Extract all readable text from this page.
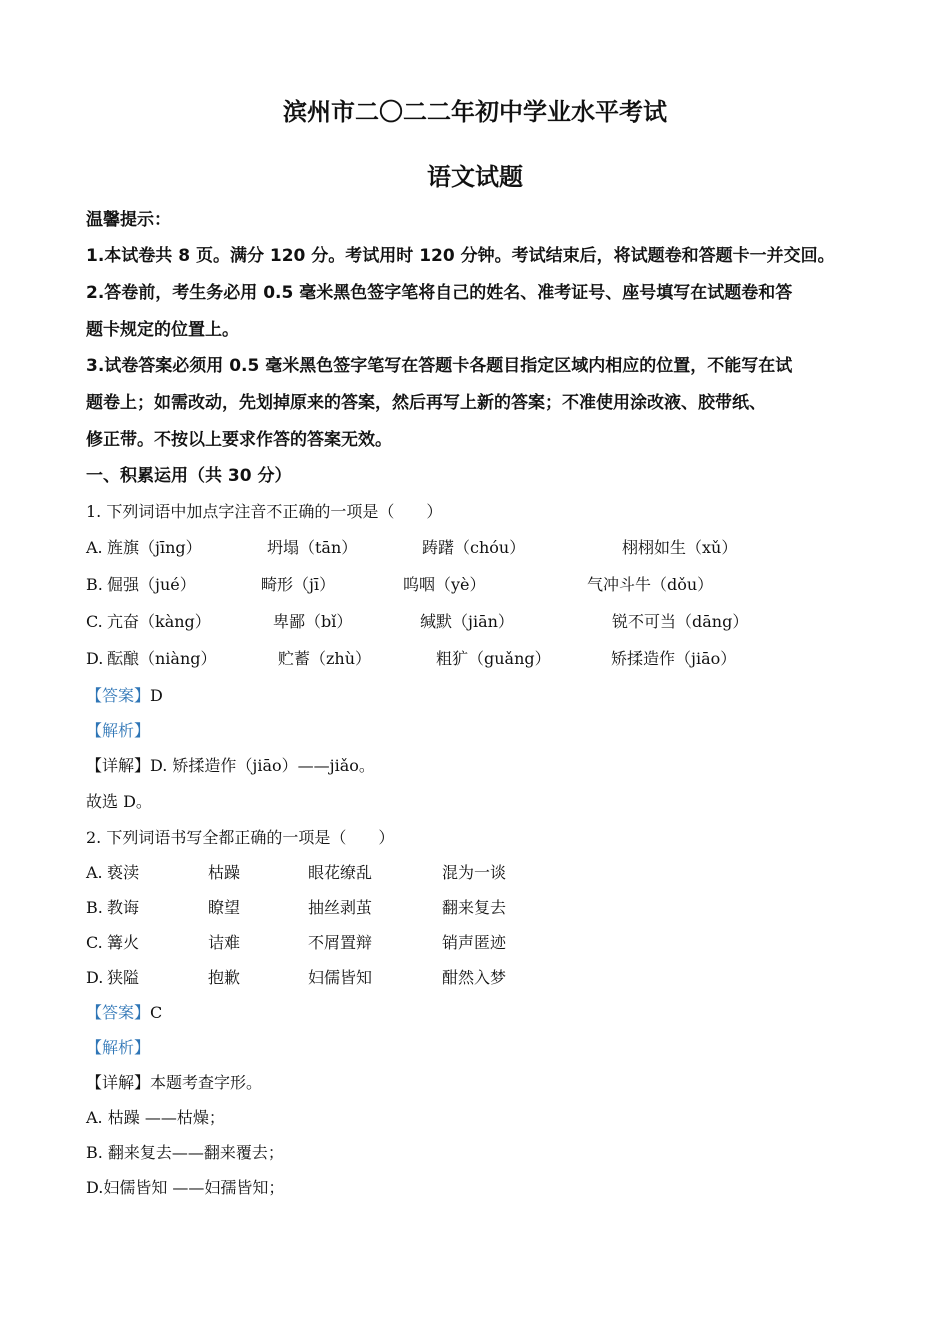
滨州市二〇二二年初中学业水平考试
语文试题
温馨提示：
1.本试卷共 8 页。满分 120 分。考试用时 120 分钟。考试结束后，将试题卷和答题卡一并交回。
2.答卷前，考生务必用 0.5 毫米黑色签字笔将自己的姓名、准考证号、座号填写在试题卷和答
题卡规定的位置上。
3.试卷答案必须用 0.5 毫米黑色签字笔写在答题卡各题目指定区域内相应的位置，不能写在试
题卷上；如需改动，先划掉原来的答案，然后再写上新的答案；不准使用涂改液、胶带纸、
修正带。不按以上要求作答的答案无效。
一、积累运用（共 30 分）
1. 下列词语中加点字注音不正确的一项是（　　）
A. 旌旗（jīng）	坍塌（tān）	踌躇（chóu）	栩栩如生（xǔ）
B. 倔强（jué）	畸形（jī）	呜咽（yè）	气冲斗牛（dǒu）
C. 亢奋（kàng）	卑鄙（bǐ）	缄默（jiān）	锐不可当（dāng）
D. 酝酿（niàng）	贮蓄（zhù）	粗犷（guǎng）	矫揉造作（jiāo）
【答案】D
【解析】
【详解】D. 矫揉造作（jiāo）——jiǎo。
故选 D。
2. 下列词语书写全都正确的一项是（　　）
A. 亵渎	枯躁	眼花缭乱	混为一谈
B. 教诲	瞭望	抽丝剥茧	翻来复去
C. 篝火	诘难	不屑置辩	销声匿迹
D. 狭隘	抱歉	妇儒皆知	酣然入梦
【答案】C
【解析】
【详解】本题考查字形。
A. 枯躁 ——枯燥；
B. 翻来复去——翻来覆去；
D.妇儒皆知 ——妇孺皆知；
